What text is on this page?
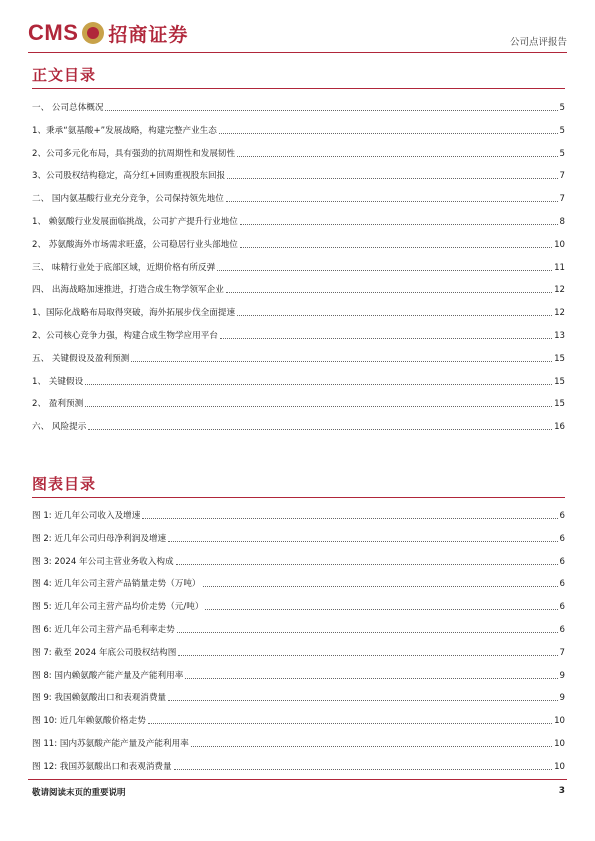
CMS 招商证券	公司点评报告
正文目录
一、 公司总体概况	5
1、秉承“氨基酸+”发展战略，构建完整产业生态	5
2、公司多元化布局，具有强劲的抗周期性和发展韧性	5
3、公司股权结构稳定，高分红+回购重视股东回报	7
二、 国内氨基酸行业充分竞争，公司保持领先地位	7
1、 赖氨酸行业发展面临挑战，公司扩产提升行业地位	8
2、 苏氨酸海外市场需求旺盛，公司稳居行业头部地位	10
三、 味精行业处于底部区域，近期价格有所反弹	11
四、 出海战略加速推进，打造合成生物学领军企业	12
1、国际化战略布局取得突破，海外拓展步伐全面提速	12
2、公司核心竞争力强，构建合成生物学应用平台	13
五、 关键假设及盈利预测	15
1、 关键假设	15
2、 盈利预测	15
六、 风险提示	16
图表目录
图 1: 近几年公司收入及增速	6
图 2: 近几年公司归母净利润及增速	6
图 3: 2024 年公司主营业务收入构成	6
图 4: 近几年公司主营产品销量走势（万吨）	6
图 5: 近几年公司主营产品均价走势（元/吨）	6
图 6: 近几年公司主营产品毛利率走势	6
图 7: 截至 2024 年底公司股权结构图	7
图 8: 国内赖氨酸产能产量及产能利用率	9
图 9: 我国赖氨酸出口和表观消费量	9
图 10: 近几年赖氨酸价格走势	10
图 11: 国内苏氨酸产能产量及产能利用率	10
图 12: 我国苏氨酸出口和表观消费量	10
敬请阅读末页的重要说明	3
